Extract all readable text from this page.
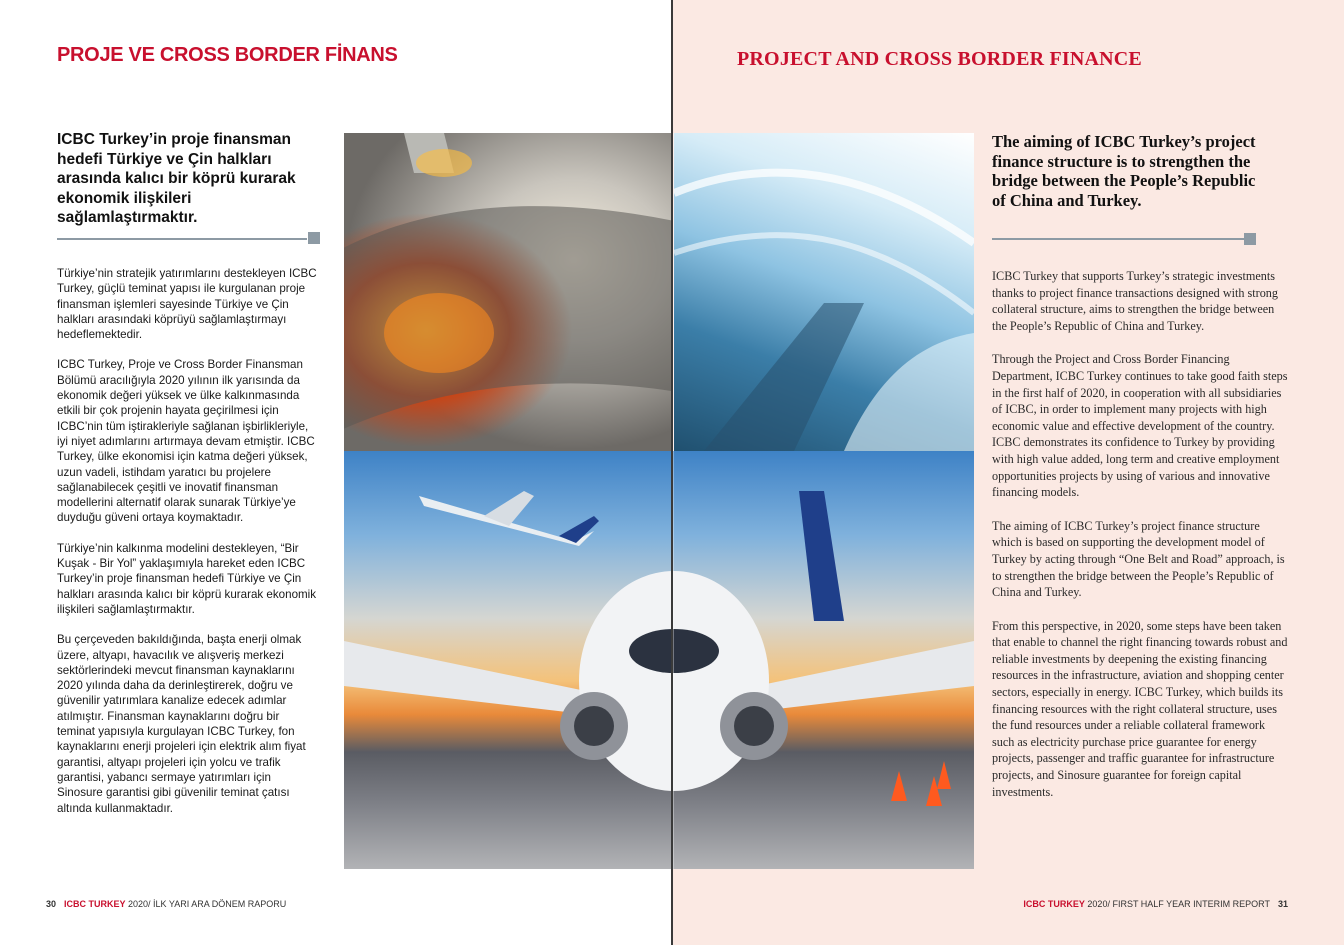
PROJE VE CROSS BORDER FİNANS

ICBC Turkey’in proje finansman hedefi Türkiye ve Çin halkları arasında kalıcı bir köprü kurarak ekonomik ilişkileri sağlamlaştırmaktır.

Türkiye’nin stratejik yatırımlarını destekleyen ICBC Turkey, güçlü teminat yapısı ile kurgulanan proje finansman işlemleri sayesinde Türkiye ve Çin halkları arasındaki köprüyü sağlamlaştırmayı hedeflemektedir.

ICBC Turkey, Proje ve Cross Border Finansman Bölümü aracılığıyla 2020 yılının ilk yarısında da ekonomik değeri yüksek ve ülke kalkınmasında etkili bir çok projenin hayata geçirilmesi için ICBC’nin tüm iştirakleriyle sağlanan işbirlikleriyle, iyi niyet adımlarını artırmaya devam etmiştir. ICBC Turkey, ülke ekonomisi için katma değeri yüksek, uzun vadeli, istihdam yaratıcı bu projelere sağlanabilecek çeşitli ve inovatif finansman modellerini alternatif olarak sunarak Türkiye’ye duyduğu güveni ortaya koymaktadır.

Türkiye’nin kalkınma modelini destekleyen, “Bir Kuşak - Bir Yol” yaklaşımıyla hareket eden ICBC Turkey’in proje finansman hedefi Türkiye ve Çin halkları arasında kalıcı bir köprü kurarak ekonomik ilişkileri sağlamlaştırmaktır.

Bu çerçeveden bakıldığında, başta enerji olmak üzere, altyapı, havacılık ve alışveriş merkezi sektörlerindeki mevcut finansman kaynaklarını 2020 yılında daha da derinleştirerek, doğru ve güvenilir yatırımlara kanalize edecek adımlar atılmıştır. Finansman kaynaklarını doğru bir teminat yapısıyla kurgulayan ICBC Turkey, fon kaynaklarını enerji projeleri için elektrik alım fiyat garantisi, altyapı projeleri için yolcu ve trafik garantisi, yabancı sermaye yatırımları için Sinosure garantisi gibi güvenilir teminat çatısı altında kullanmaktadır.

30 ICBC TURKEY 2020/ İLK YARI ARA DÖNEM RAPORU
PROJECT AND CROSS BORDER FINANCE

The aiming of ICBC Turkey’s project finance structure is to strengthen the bridge between the People’s Republic of China and Turkey.

ICBC Turkey that supports Turkey’s strategic investments thanks to project finance transactions designed with strong collateral structure, aims to strengthen the bridge between the People’s Republic of China and Turkey.

Through the Project and Cross Border Financing Department, ICBC Turkey continues to take good faith steps in the first half of 2020, in cooperation with all subsidiaries of ICBC, in order to implement many projects with high economic value and effective development of the country. ICBC demonstrates its confidence to Turkey by providing with high value added, long term and creative employment opportunities projects by using of various and innovative financing models.

The aiming of ICBC Turkey’s project finance structure which is based on supporting the development model of Turkey by acting through “One Belt and Road” approach, is to strengthen the bridge between the People’s Republic of China and Turkey.

From this perspective, in 2020, some steps have been taken that enable to channel the right financing towards robust and reliable investments by deepening the existing financing resources in the infrastructure, aviation and shopping center sectors, especially in energy. ICBC Turkey, which builds its financing resources with the right collateral structure, uses the fund resources under a reliable collateral framework such as electricity purchase price guarantee for energy projects, passenger and traffic guarantee for infrastructure projects, and Sinosure guarantee for foreign capital investments.

ICBC TURKEY 2020/ FIRST HALF YEAR INTERIM REPORT 31
